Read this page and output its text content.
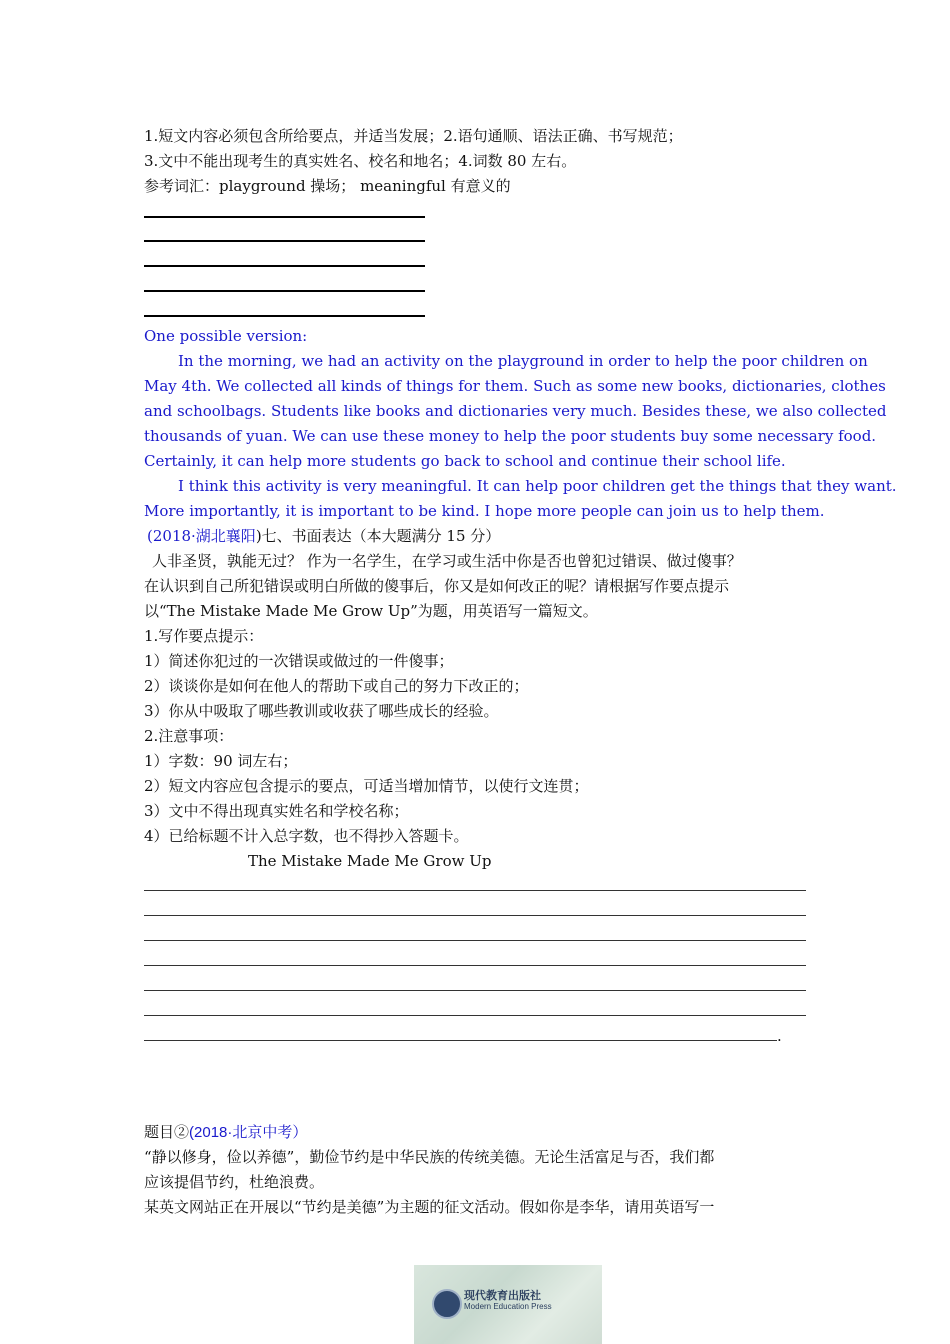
1.短文内容必须包含所给要点，并适当发展；2.语句通顺、语法正确、书写规范；
3.文中不能出现考生的真实姓名、校名和地名；4.词数 80 左右。
参考词汇：playground 操场； meaningful 有意义的
One possible version:
In the morning, we had an activity on the playground in order to help the poor children on
May 4th. We collected all kinds of things for them. Such as some new books, dictionaries, clothes
and schoolbags. Students like books and dictionaries very much. Besides these, we also collected
thousands of yuan. We can use these money to help the poor students buy some necessary food.
Certainly, it can help more students go back to school and continue their school life.
I think this activity is very meaningful. It can help poor children get the things that they want.
More importantly, it is important to be kind. I hope more people can join us to help them.
(2018·湖北襄阳)七、书面表达（本大题满分 15 分）
人非圣贤，孰能无过？ 作为一名学生，在学习或生活中你是否也曾犯过错误、做过傻事？
在认识到自己所犯错误或明白所做的傻事后，你又是如何改正的呢？请根据写作要点提示
以“The Mistake Made Me Grow Up”为题，用英语写一篇短文。
1.写作要点提示：
1）简述你犯过的一次错误或做过的一件傻事；
2）谈谈你是如何在他人的帮助下或自己的努力下改正的；
3）你从中吸取了哪些教训或收获了哪些成长的经验。
2.注意事项：
1）字数：90 词左右；
2）短文内容应包含提示的要点，可适当增加情节，以使行文连贯；
3）文中不得出现真实姓名和学校名称；
4）已给标题不计入总字数，也不得抄入答题卡。
The Mistake Made Me Grow Up
.
题目②(2018·北京中考）
“静以修身，俭以养德”，勤俭节约是中华民族的传统美德。无论生活富足与否，我们都
应该提倡节约，杜绝浪费。
某英文网站正在开展以“节约是美德”为主题的征文活动。假如你是李华，请用英语写一
现代教育出版社
Modern Education Press
